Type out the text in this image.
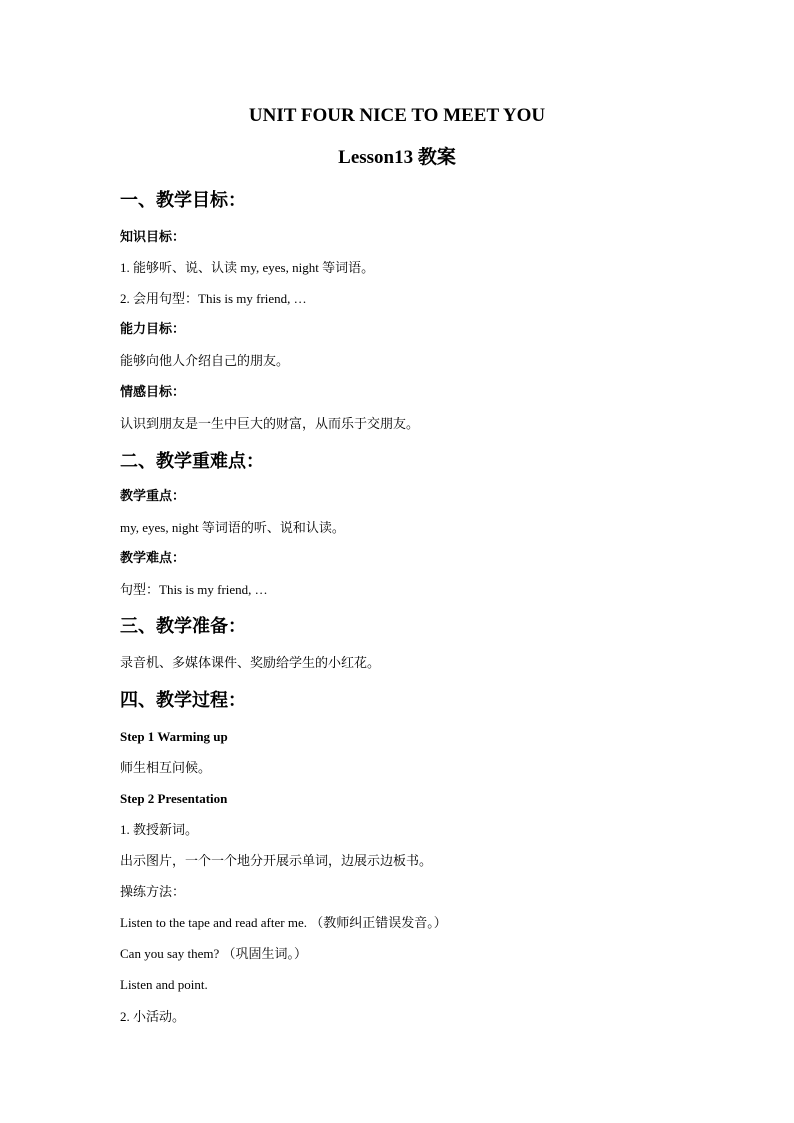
UNIT FOUR NICE TO MEET YOU
Lesson13 教案
一、教学目标：
知识目标：
1. 能够听、说、认读 my, eyes, night 等词语。
2. 会用句型：This is my friend, …
能力目标：
能够向他人介绍自己的朋友。
情感目标：
认识到朋友是一生中巨大的财富，从而乐于交朋友。
二、教学重难点：
教学重点：
my, eyes, night 等词语的听、说和认读。
教学难点：
句型：This is my friend, …
三、教学准备：
录音机、多媒体课件、奖励给学生的小红花。
四、教学过程：
Step 1 Warming up
师生相互问候。
Step 2 Presentation
1. 教授新词。
出示图片，一个一个地分开展示单词，边展示边板书。
操练方法：
Listen to the tape and read after me. （教师纠正错误发音。）
Can you say them? （巩固生词。）
Listen and point.
2. 小活动。
